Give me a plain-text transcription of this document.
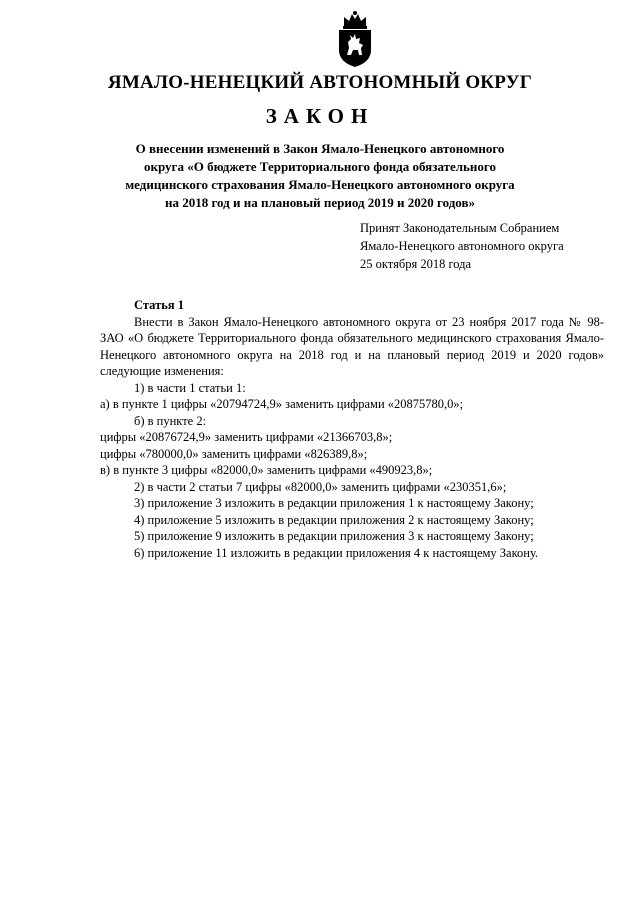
ЯМАЛО-НЕНЕЦКИЙ АВТОНОМНЫЙ ОКРУГ
ЗАКОН
О внесении изменений в Закон Ямало-Ненецкого автономного
округа «О бюджете Территориального фонда обязательного
медицинского страхования Ямало-Ненецкого автономного округа
на 2018 год и на плановый период 2019 и 2020 годов»
Принят Законодательным Собранием
Ямало-Ненецкого автономного округа
25 октября 2018 года
Статья 1
Внести в Закон Ямало-Ненецкого автономного округа от 23 ноября 2017 года № 98-ЗАО «О бюджете Территориального фонда обязательного медицинского страхования Ямало-Ненецкого автономного округа на 2018 год и на плановый период 2019 и 2020 годов» следующие изменения:
1) в части 1 статьи 1:
а) в пункте 1 цифры «20794724,9» заменить цифрами «20875780,0»;
б) в пункте 2:
цифры «20876724,9» заменить цифрами «21366703,8»;
цифры «780000,0» заменить цифрами «826389,8»;
в) в пункте 3 цифры «82000,0» заменить цифрами «490923,8»;
2) в части 2 статьи 7 цифры «82000,0» заменить цифрами «230351,6»;
3) приложение 3 изложить в редакции приложения 1 к настоящему Закону;
4) приложение 5 изложить в редакции приложения 2 к настоящему Закону;
5) приложение 9 изложить в редакции приложения 3 к настоящему Закону;
6) приложение 11 изложить в редакции приложения 4 к настоящему Закону.
